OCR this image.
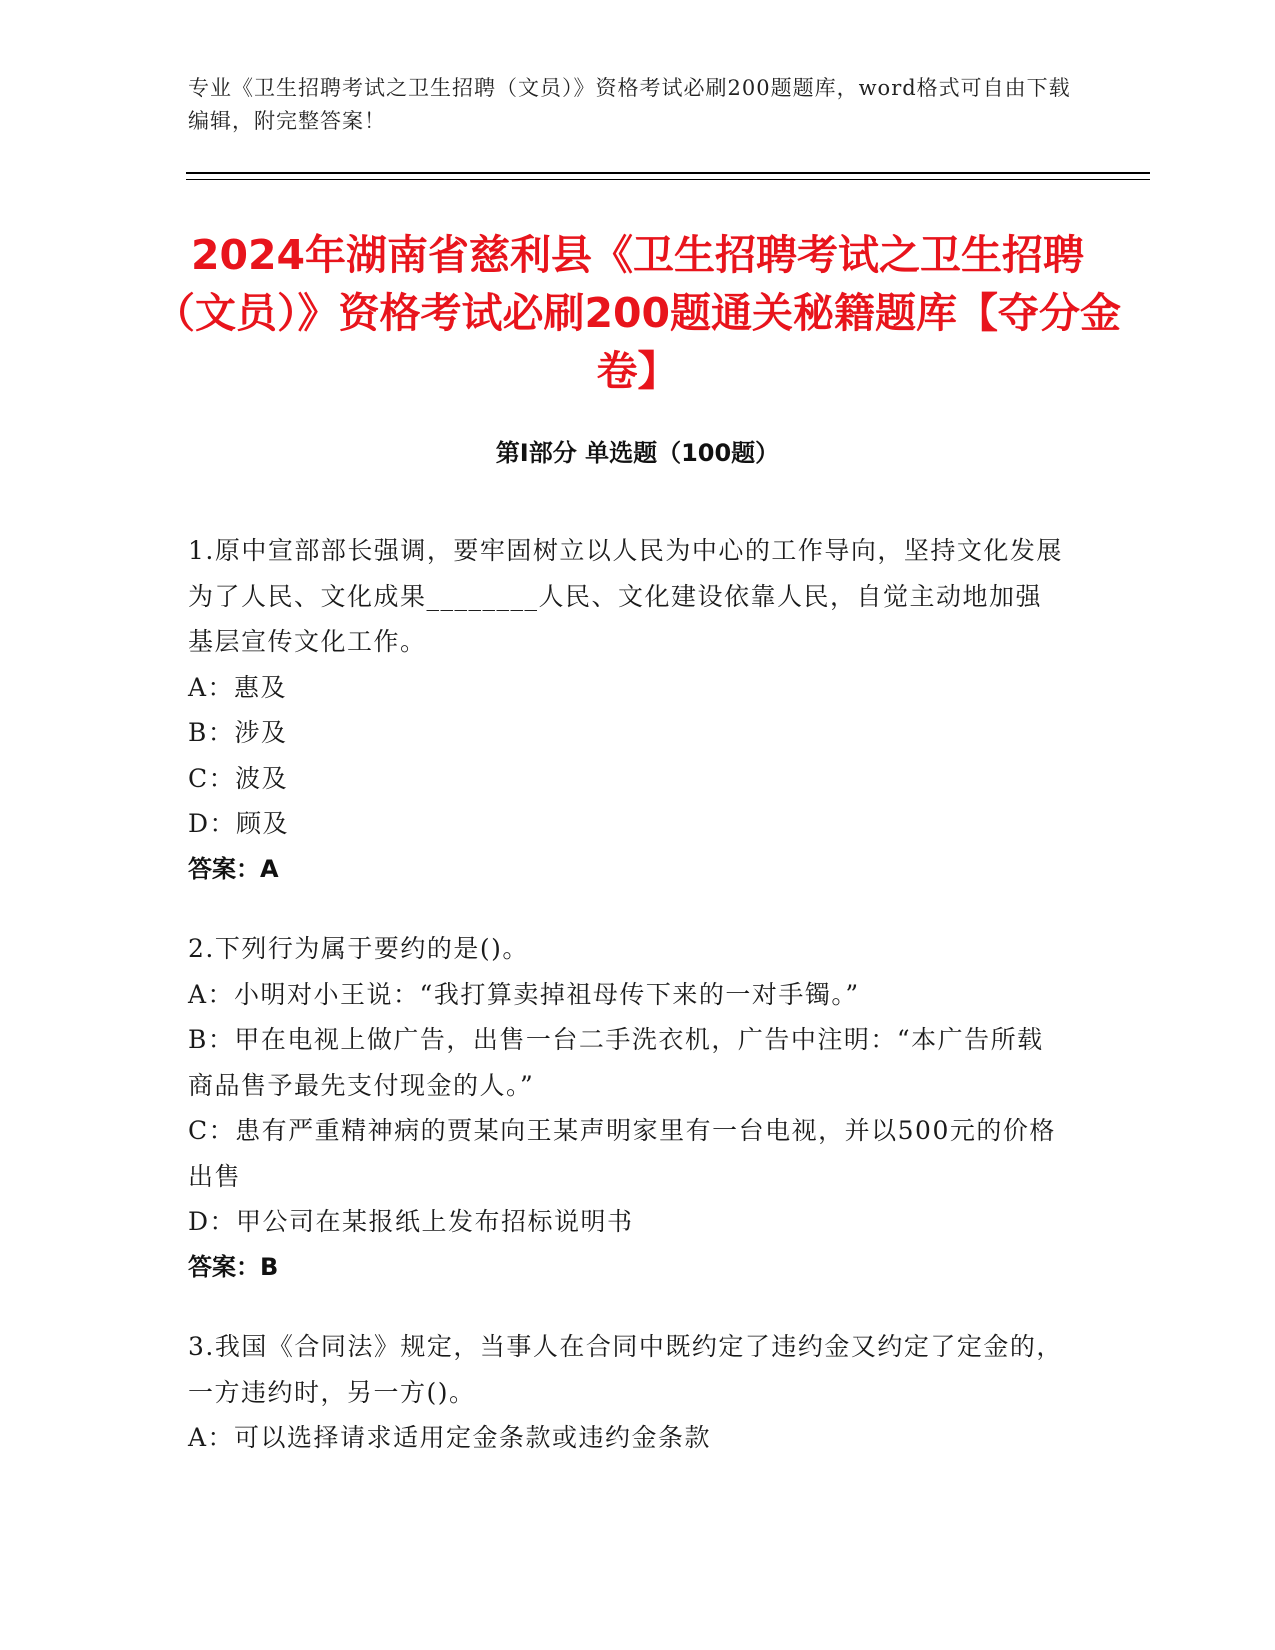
专业《卫生招聘考试之卫生招聘（文员）》资格考试必刷200题题库，word格式可自由下载编辑，附完整答案！
2024年湖南省慈利县《卫生招聘考试之卫生招聘（文员）》资格考试必刷200题通关秘籍题库【夺分金卷】
第Ⅰ部分 单选题（100题）

1.原中宣部部长强调，要牢固树立以人民为中心的工作导向，坚持文化发展为了人民、文化成果________人民、文化建设依靠人民，自觉主动地加强基层宣传文化工作。

A：惠及

B：涉及

C：波及

D：顾及

答案：A

2.下列行为属于要约的是()。

A：小明对小王说：“我打算卖掉祖母传下来的一对手镯。”

B：甲在电视上做广告，出售一台二手洗衣机，广告中注明：“本广告所载商品售予最先支付现金的人。”

C：患有严重精神病的贾某向王某声明家里有一台电视，并以500元的价格出售

D：甲公司在某报纸上发布招标说明书

答案：B

3.我国《合同法》规定，当事人在合同中既约定了违约金又约定了定金的，一方违约时，另一方()。

A：可以选择请求适用定金条款或违约金条款
